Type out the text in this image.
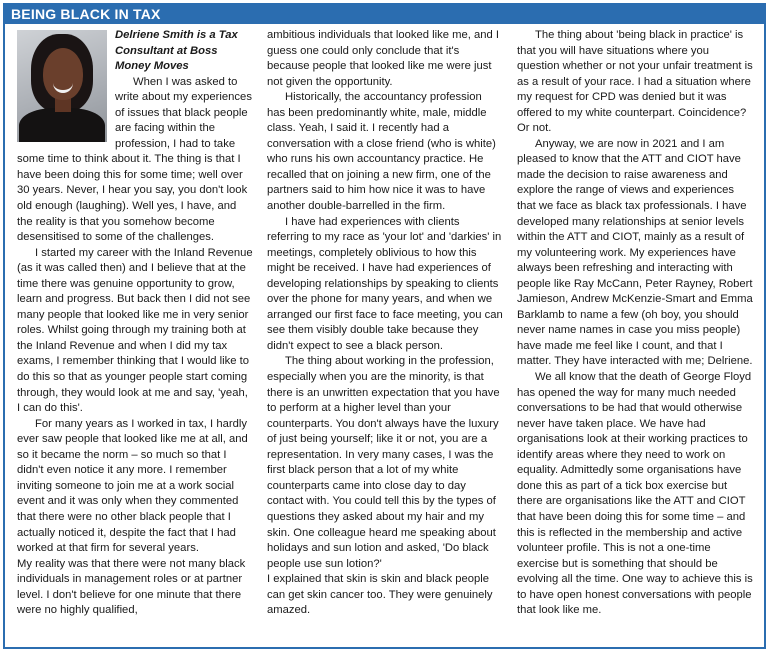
BEING BLACK IN TAX

Delriene Smith is a Tax Consultant at Boss Money Moves

When I was asked to write about my experiences of issues that black people are facing within the profession, I had to take some time to think about it. The thing is that I have been doing this for some time; well over 30 years. Never, I hear you say, you don't look old enough (laughing). Well yes, I have, and the reality is that you somehow become desensitised to some of the challenges.

I started my career with the Inland Revenue (as it was called then) and I believe that at the time there was genuine opportunity to grow, learn and progress. But back then I did not see many people that looked like me in very senior roles. Whilst going through my training both at the Inland Revenue and when I did my tax exams, I remember thinking that I would like to do this so that as younger people start coming through, they would look at me and say, 'yeah, I can do this'.

For many years as I worked in tax, I hardly ever saw people that looked like me at all, and so it became the norm – so much so that I didn't even notice it any more. I remember inviting someone to join me at a work social event and it was only when they commented that there were no other black people that I actually noticed it, despite the fact that I had worked at that firm for several years.

My reality was that there were not many black individuals in management roles or at partner level. I don't believe for one minute that there were no highly qualified,

ambitious individuals that looked like me, and I guess one could only conclude that it's because people that looked like me were just not given the opportunity.

Historically, the accountancy profession has been predominantly white, male, middle class. Yeah, I said it. I recently had a conversation with a close friend (who is white) who runs his own accountancy practice. He recalled that on joining a new firm, one of the partners said to him how nice it was to have another double-barrelled in the firm.

I have had experiences with clients referring to my race as 'your lot' and 'darkies' in meetings, completely oblivious to how this might be received. I have had experiences of developing relationships by speaking to clients over the phone for many years, and when we arranged our first face to face meeting, you can see them visibly double take because they didn't expect to see a black person.

The thing about working in the profession, especially when you are the minority, is that there is an unwritten expectation that you have to perform at a higher level than your counterparts. You don't always have the luxury of just being yourself; like it or not, you are a representation. In very many cases, I was the first black person that a lot of my white counterparts came into close day to day contact with. You could tell this by the types of questions they asked about my hair and my skin. One colleague heard me speaking about holidays and sun lotion and asked, 'Do black people use sun lotion?'

I explained that skin is skin and black people can get skin cancer too. They were genuinely amazed.

The thing about 'being black in practice' is that you will have situations where you question whether or not your unfair treatment is as a result of your race. I had a situation where my request for CPD was denied but it was offered to my white counterpart. Coincidence? Or not.

Anyway, we are now in 2021 and I am pleased to know that the ATT and CIOT have made the decision to raise awareness and explore the range of views and experiences that we face as black tax professionals. I have developed many relationships at senior levels within the ATT and CIOT, mainly as a result of my volunteering work. My experiences have always been refreshing and interacting with people like Ray McCann, Peter Rayney, Robert Jamieson, Andrew McKenzie-Smart and Emma Barklamb to name a few (oh boy, you should never name names in case you miss people) have made me feel like I count, and that I matter. They have interacted with me; Delriene.

We all know that the death of George Floyd has opened the way for many much needed conversations to be had that would otherwise never have taken place. We have had organisations look at their working practices to identify areas where they need to work on equality. Admittedly some organisations have done this as part of a tick box exercise but there are organisations like the ATT and CIOT that have been doing this for some time – and this is reflected in the membership and active volunteer profile. This is not a one-time exercise but is something that should be evolving all the time. One way to achieve this is to have open honest conversations with people that look like me.
